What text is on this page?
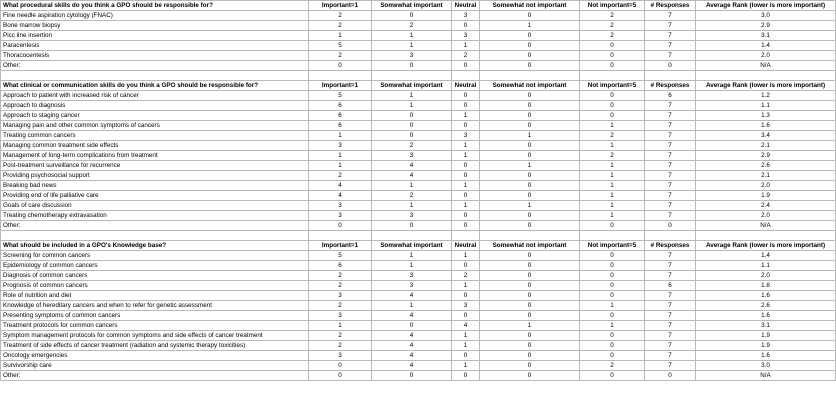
What procedural skills do you think a GPO should be responsible for?	Important=1	Somewhat important	Neutral	Somewhat not important	Not important=5	# Responses	Average Rank (lower is more important)
Fine needle aspiration cytology (FNAC)	2	0	3	0	2	7	3.0
Bone marrow biopsy	2	2	0	1	2	7	2.9
Picc line insertion	1	1	3	0	2	7	3.1
Paracentesis	5	1	1	0	0	7	1.4
Thoracocentesis	2	3	2	0	0	7	2.0
Other:	0	0	0	0	0	0	N/A

What clinical or communication skills do you think a GPO should be responsible for?	Important=1	Somewhat important	Neutral	Somewhat not important	Not important=5	# Responses	Average Rank (lower is more important)
Approach to patient with increased risk of cancer	5	1	0	0	0	6	1.2
Approach to diagnosis	6	1	0	0	0	7	1.1
Approach to staging cancer	6	0	1	0	0	7	1.3
Managing pain and other common symptoms of cancers	6	0	0	0	1	7	1.6
Treating common cancers	1	0	3	1	2	7	3.4
Managing common treatment side effects	3	2	1	0	1	7	2.1
Management of long-term complications from treatment	1	3	1	0	2	7	2.9
Post-treatment surveillance for recurrence	1	4	0	1	1	7	2.6
Providing psychosocial support	2	4	0	0	1	7	2.1
Breaking bad news	4	1	1	0	1	7	2.0
Providing end of life palliative care	4	2	0	0	1	7	1.9
Goals of care discussion	3	1	1	1	1	7	2.4
Treating chemotherapy extravasation	3	3	0	0	1	7	2.0
Other:	0	0	0	0	0	0	N/A

What should be included in a GPO's Knowledge base?	Important=1	Somewhat important	Neutral	Somewhat not important	Not important=5	# Responses	Average Rank (lower is more important)
Screening for common cancers	5	1	1	0	0	7	1.4
Epidemiology of common cancers	6	1	0	0	0	7	1.1
Diagnosis of common cancers	2	3	2	0	0	7	2.0
Prognosis of common cancers	2	3	1	0	0	6	1.8
Role of nutrition and diet	3	4	0	0	0	7	1.6
Knowledge of hereditary cancers and when to refer for genetic assessment	2	1	3	0	1	7	2.6
Presenting symptoms of common cancers	3	4	0	0	0	7	1.6
Treatment protocols for common cancers	1	0	4	1	1	7	3.1
Symptom management protocols for common symptoms and side effects of cancer treatment	2	4	1	0	0	7	1.9
Treatment of side effects of cancer treatment (radiation and systemic therapy toxicities)	2	4	1	0	0	7	1.9
Oncology emergencies	3	4	0	0	0	7	1.6
Survivorship care	0	4	1	0	2	7	3.0
Other:	0	0	0	0	0	0	N/A
